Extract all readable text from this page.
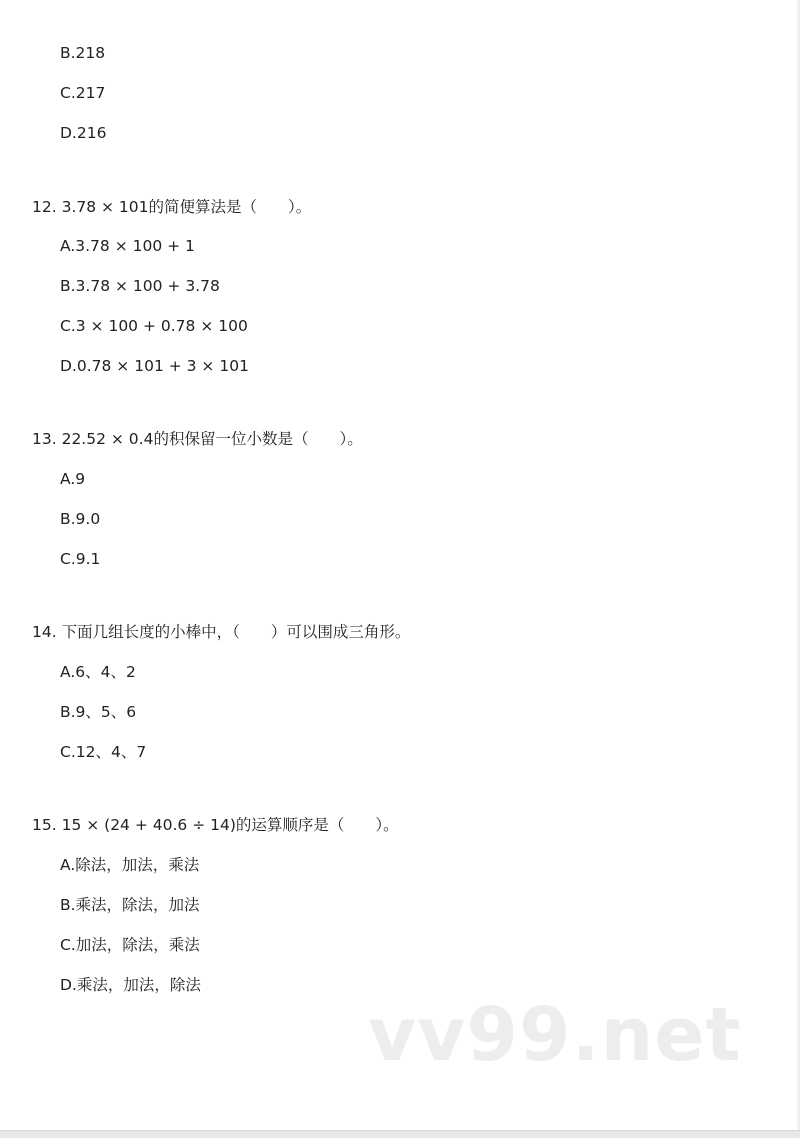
B.218
C.217
D.216
12. 3.78 × 101的简便算法是（　　）。
A.3.78 × 100 + 1
B.3.78 × 100 + 3.78
C.3 × 100 + 0.78 × 100
D.0.78 × 101 + 3 × 101
13. 22.52 × 0.4的积保留一位小数是（　　）。
A.9
B.9.0
C.9.1
14. 下面几组长度的小棒中，（　　）可以围成三角形。
A.6、4、2
B.9、5、6
C.12、4、7
15. 15 × (24 + 40.6 ÷ 14)的运算顺序是（　　）。
A.除法，加法，乘法
B.乘法，除法，加法
C.加法，除法，乘法
D.乘法，加法，除法
vv99.net
